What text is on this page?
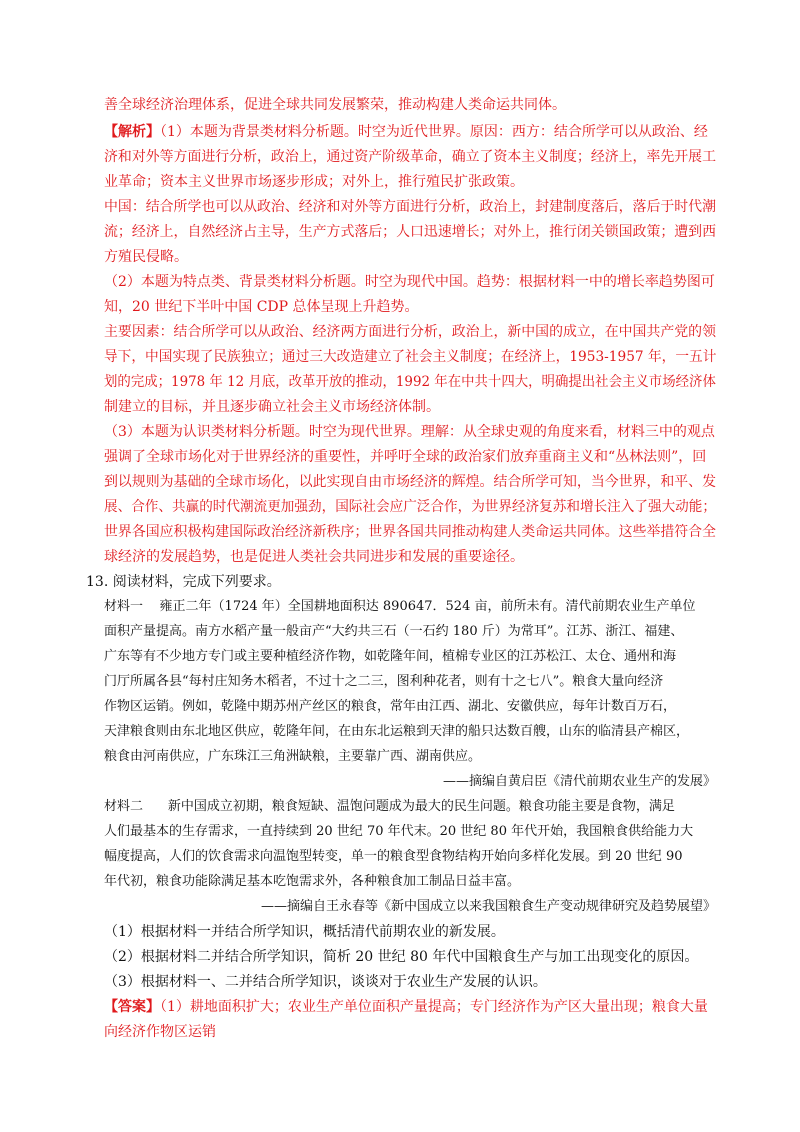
善全球经济治理体系，促进全球共同发展繁荣，推动构建人类命运共同体。
【解析】（1）本题为背景类材料分析题。时空为近代世界。原因：西方：结合所学可以从政治、经
济和对外等方面进行分析，政治上，通过资产阶级革命，确立了资本主义制度；经济上，率先开展工
业革命；资本主义世界市场逐步形成；对外上，推行殖民扩张政策。
中国：结合所学也可以从政治、经济和对外等方面进行分析，政治上，封建制度落后，落后于时代潮
流；经济上，自然经济占主导，生产方式落后；人口迅速增长；对外上，推行闭关锁国政策；遭到西
方殖民侵略。
（2）本题为特点类、背景类材料分析题。时空为现代中国。趋势：根据材料一中的增长率趋势图可
知，20 世纪下半叶中国 CDP 总体呈现上升趋势。
主要因素：结合所学可以从政治、经济两方面进行分析，政治上，新中国的成立，在中国共产党的领
导下，中国实现了民族独立；通过三大改造建立了社会主义制度；在经济上，1953-1957 年，一五计
划的完成；1978 年 12 月底，改革开放的推动，1992 年在中共十四大，明确提出社会主义市场经济体
制建立的目标，并且逐步确立社会主义市场经济体制。
（3）本题为认识类材料分析题。时空为现代世界。理解：从全球史观的角度来看，材料三中的观点
强调了全球市场化对于世界经济的重要性，并呼吁全球的政治家们放弃重商主义和“丛林法则”，回
到以规则为基础的全球市场化，以此实现自由市场经济的辉煌。结合所学可知，当今世界，和平、发
展、合作、共赢的时代潮流更加强劲，国际社会应广泛合作，为世界经济复苏和增长注入了强大动能；
世界各国应积极构建国际政治经济新秩序；世界各国共同推动构建人类命运共同体。这些举措符合全
球经济的发展趋势，也是促进人类社会共同进步和发展的重要途径。
13. 阅读材料，完成下列要求。
材料一 雍正二年（1724 年）全国耕地面积达 890647．524 亩，前所未有。清代前期农业生产单位
面积产量提高。南方水稻产量一般亩产“大约共三石（一石约 180 斤）为常耳”。江苏、浙江、福建、
广东等有不少地方专门或主要种植经济作物，如乾隆年间，植棉专业区的江苏松江、太仓、通州和海
门厅所属各县“每村庄知务木稻者，不过十之二三，图利种花者，则有十之七八”。粮食大量向经济
作物区运销。例如，乾隆中期苏州产丝区的粮食，常年由江西、湖北、安徽供应，每年计数百万石，
天津粮食则由东北地区供应，乾隆年间，在由东北运粮到天津的船只达数百艘，山东的临清县产棉区，
粮食由河南供应，广东珠江三角洲缺粮，主要靠广西、湖南供应。
——摘编自黄启臣《清代前期农业生产的发展》
材料二 新中国成立初期，粮食短缺、温饱问题成为最大的民生问题。粮食功能主要是食物，满足
人们最基本的生存需求，一直持续到 20 世纪 70 年代末。20 世纪 80 年代开始，我国粮食供给能力大
幅度提高，人们的饮食需求向温饱型转变，单一的粮食型食物结构开始向多样化发展。到 20 世纪 90
年代初，粮食功能除满足基本吃饱需求外，各种粮食加工制品日益丰富。
——摘编自王永春等《新中国成立以来我国粮食生产变动规律研究及趋势展望》
（1）根据材料一并结合所学知识，概括清代前期农业的新发展。
（2）根据材料二并结合所学知识，简析 20 世纪 80 年代中国粮食生产与加工出现变化的原因。
（3）根据材料一、二并结合所学知识，谈谈对于农业生产发展的认识。
【答案】（1）耕地面积扩大；农业生产单位面积产量提高；专门经济作为产区大量出现；粮食大量
向经济作物区运销
